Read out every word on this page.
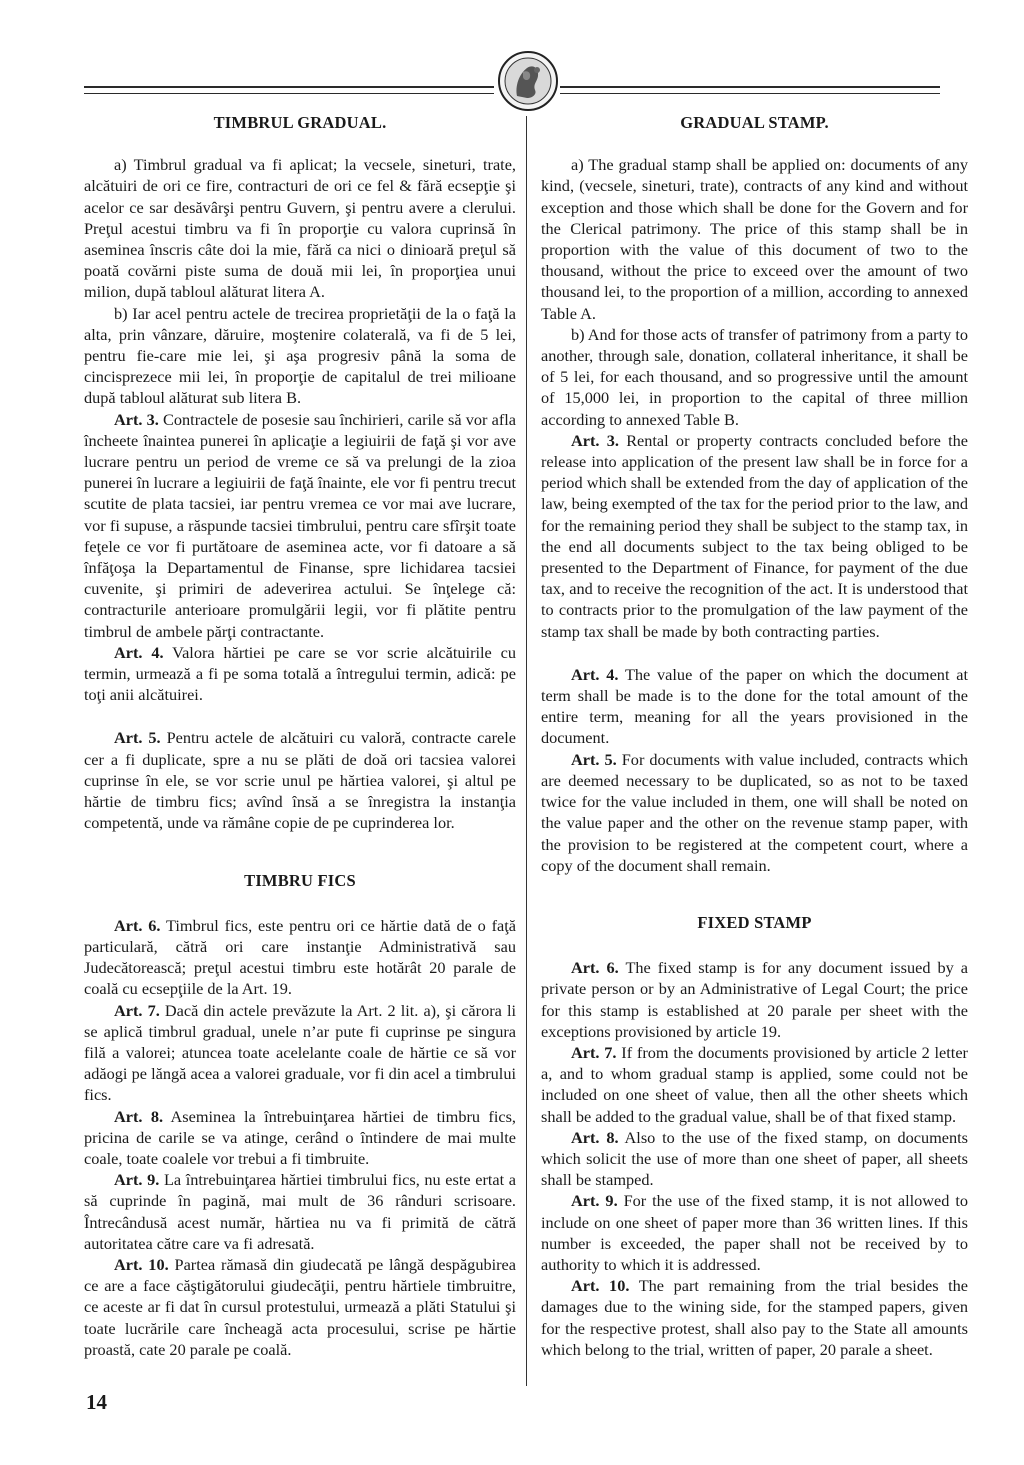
TIMBRUL GRADUAL.

a) Timbrul gradual va fi aplicat; la vecsele, sineturi, trate, alcătuiri de ori ce fire, contracturi de ori ce fel & fără ecsepţie şi acelor ce sar desăvârşi pentru Guvern, şi pentru avere a clerului. Preţul acestui timbru va fi în proporţie cu valora cuprinsă în aseminea înscris câte doi la mie, fără ca nici o dinioară preţul să poată covărni piste suma de două mii lei, în proporţiea unui milion, după tabloul alăturat litera A.

b) Iar acel pentru actele de trecirea proprietăţii de la o faţă la alta, prin vânzare, dăruire, moştenire colaterală, va fi de 5 lei, pentru fie-care mie lei, şi aşa progresiv până la soma de cincisprezece mii lei, în proporţie de capitalul de trei milioane după tabloul alăturat sub litera B.

Art. 3. Contractele de posesie sau închirieri, carile să vor afla încheete înaintea punerei în aplicaţie a legiuirii de faţă şi vor ave lucrare pentru un period de vreme ce să va prelungi de la zioa punerei în lucrare a legiuirii de faţă înainte, ele vor fi pentru trecut scutite de plata tacsiei, iar pentru vremea ce vor mai ave lucrare, vor fi supuse, a răspunde tacsiei timbrului, pentru care sfîrşit toate feţele ce vor fi purtătoare de aseminea acte, vor fi datoare a să înfăţoşa la Departamentul de Finanse, spre lichidarea tacsiei cuvenite, şi primiri de adeverirea actului. Se înţelege că: contracturile anterioare promulgării legii, vor fi plătite pentru timbrul de ambele părţi contractante.

Art. 4. Valora hărtiei pe care se vor scrie alcătuirile cu termin, urmează a fi pe soma totală a întregului termin, adică: pe toţi anii alcătuirei.

Art. 5. Pentru actele de alcătuiri cu valoră, contracte carele cer a fi duplicate, spre a nu se plăti de doă ori tacsiea valorei cuprinse în ele, se vor scrie unul pe hărtiea valorei, şi altul pe hărtie de timbru fics; avînd însă a se înregistra la instanţia competentă, unde va rămâne copie de pe cuprinderea lor.

TIMBRU FICS

Art. 6. Timbrul fics, este pentru ori ce hărtie dată de o faţă particulară, cătră ori care instanţie Administrativă sau Judecătorească; preţul acestui timbru este hotărât 20 parale de coală cu ecsepţiile de la Art. 19.

Art. 7. Dacă din actele prevăzute la Art. 2 lit. a), şi cărora li se aplică timbrul gradual, unele n’ar pute fi cuprinse pe singura filă a valorei; atuncea toate acelelante coale de hărtie ce să vor adăogi pe lăngă acea a valorei graduale, vor fi din acel a timbrului fics.

Art. 8. Aseminea la întrebuinţarea hărtiei de timbru fics, pricina de carile se va atinge, cerând o întindere de mai multe coale, toate coalele vor trebui a fi timbruite.

Art. 9. La întrebuinţarea hărtiei timbrului fics, nu este ertat a să cuprinde în pagină, mai mult de 36 rânduri scrisoare. Întrecândusă acest număr, hărtiea nu va fi primită de cătră autoritatea către care va fi adresată.

Art. 10. Partea rămasă din giudecată pe lângă despăgubirea ce are a face căştigătorului giudecăţii, pentru hărtiele timbruitre, ce aceste ar fi dat în cursul protestului, urmează a plăti Statului şi toate lucrările care încheagă acta procesului, scrise pe hărtie proastă, cate 20 parale pe coală.

GRADUAL STAMP.

a) The gradual stamp shall be applied on: documents of any kind, (vecsele, sineturi, trate), contracts of any kind and without exception and those which shall be done for the Govern and for the Clerical patrimony. The price of this stamp shall be in proportion with the value of this document of two to the thousand, without the price to exceed over the amount of two thousand lei, to the proportion of a million, according to annexed Table A.

b) And for those acts of transfer of patrimony from a party to another, through sale, donation, collateral inheritance, it shall be of 5 lei, for each thousand, and so progressive until the amount of 15,000 lei, in proportion to the capital of three million according to annexed Table B.

Art. 3. Rental or property contracts concluded before the release into application of the present law shall be in force for a period which shall be extended from the day of application of the law, being exempted of the tax for the period prior to the law, and for the remaining period they shall be subject to the stamp tax, in the end all documents subject to the tax being obliged to be presented to the Department of Finance, for payment of the due tax, and to receive the recognition of the act. It is understood that to contracts prior to the promulgation of the law payment of the stamp tax shall be made by both contracting parties.

Art. 4. The value of the paper on which the document at term shall be made is to the done for the total amount of the entire term, meaning for all the years provisioned in the document.

Art. 5. For documents with value included, contracts which are deemed necessary to be duplicated, so as not to be taxed twice for the value included in them, one will shall be noted on the value paper and the other on the revenue stamp paper, with the provision to be registered at the competent court, where a copy of the document shall remain.

FIXED STAMP

Art. 6. The fixed stamp is for any document issued by a private person or by an Administrative of Legal Court; the price for this stamp is established at 20 parale per sheet with the exceptions provisioned by article 19.

Art. 7. If from the documents provisioned by article 2 letter a, and to whom gradual stamp is applied, some could not be included on one sheet of value, then all the other sheets which shall be added to the gradual value, shall be of that fixed stamp.

Art. 8. Also to the use of the fixed stamp, on documents which solicit the use of more than one sheet of paper, all sheets shall be stamped.

Art. 9. For the use of the fixed stamp, it is not allowed to include on one sheet of paper more than 36 written lines. If this number is exceeded, the paper shall not be received by to authority to which it is addressed.

Art. 10. The part remaining from the trial besides the damages due to the wining side, for the stamped papers, given for the respective protest, shall also pay to the State all amounts which belong to the trial, written of paper, 20 parale a sheet.

14
